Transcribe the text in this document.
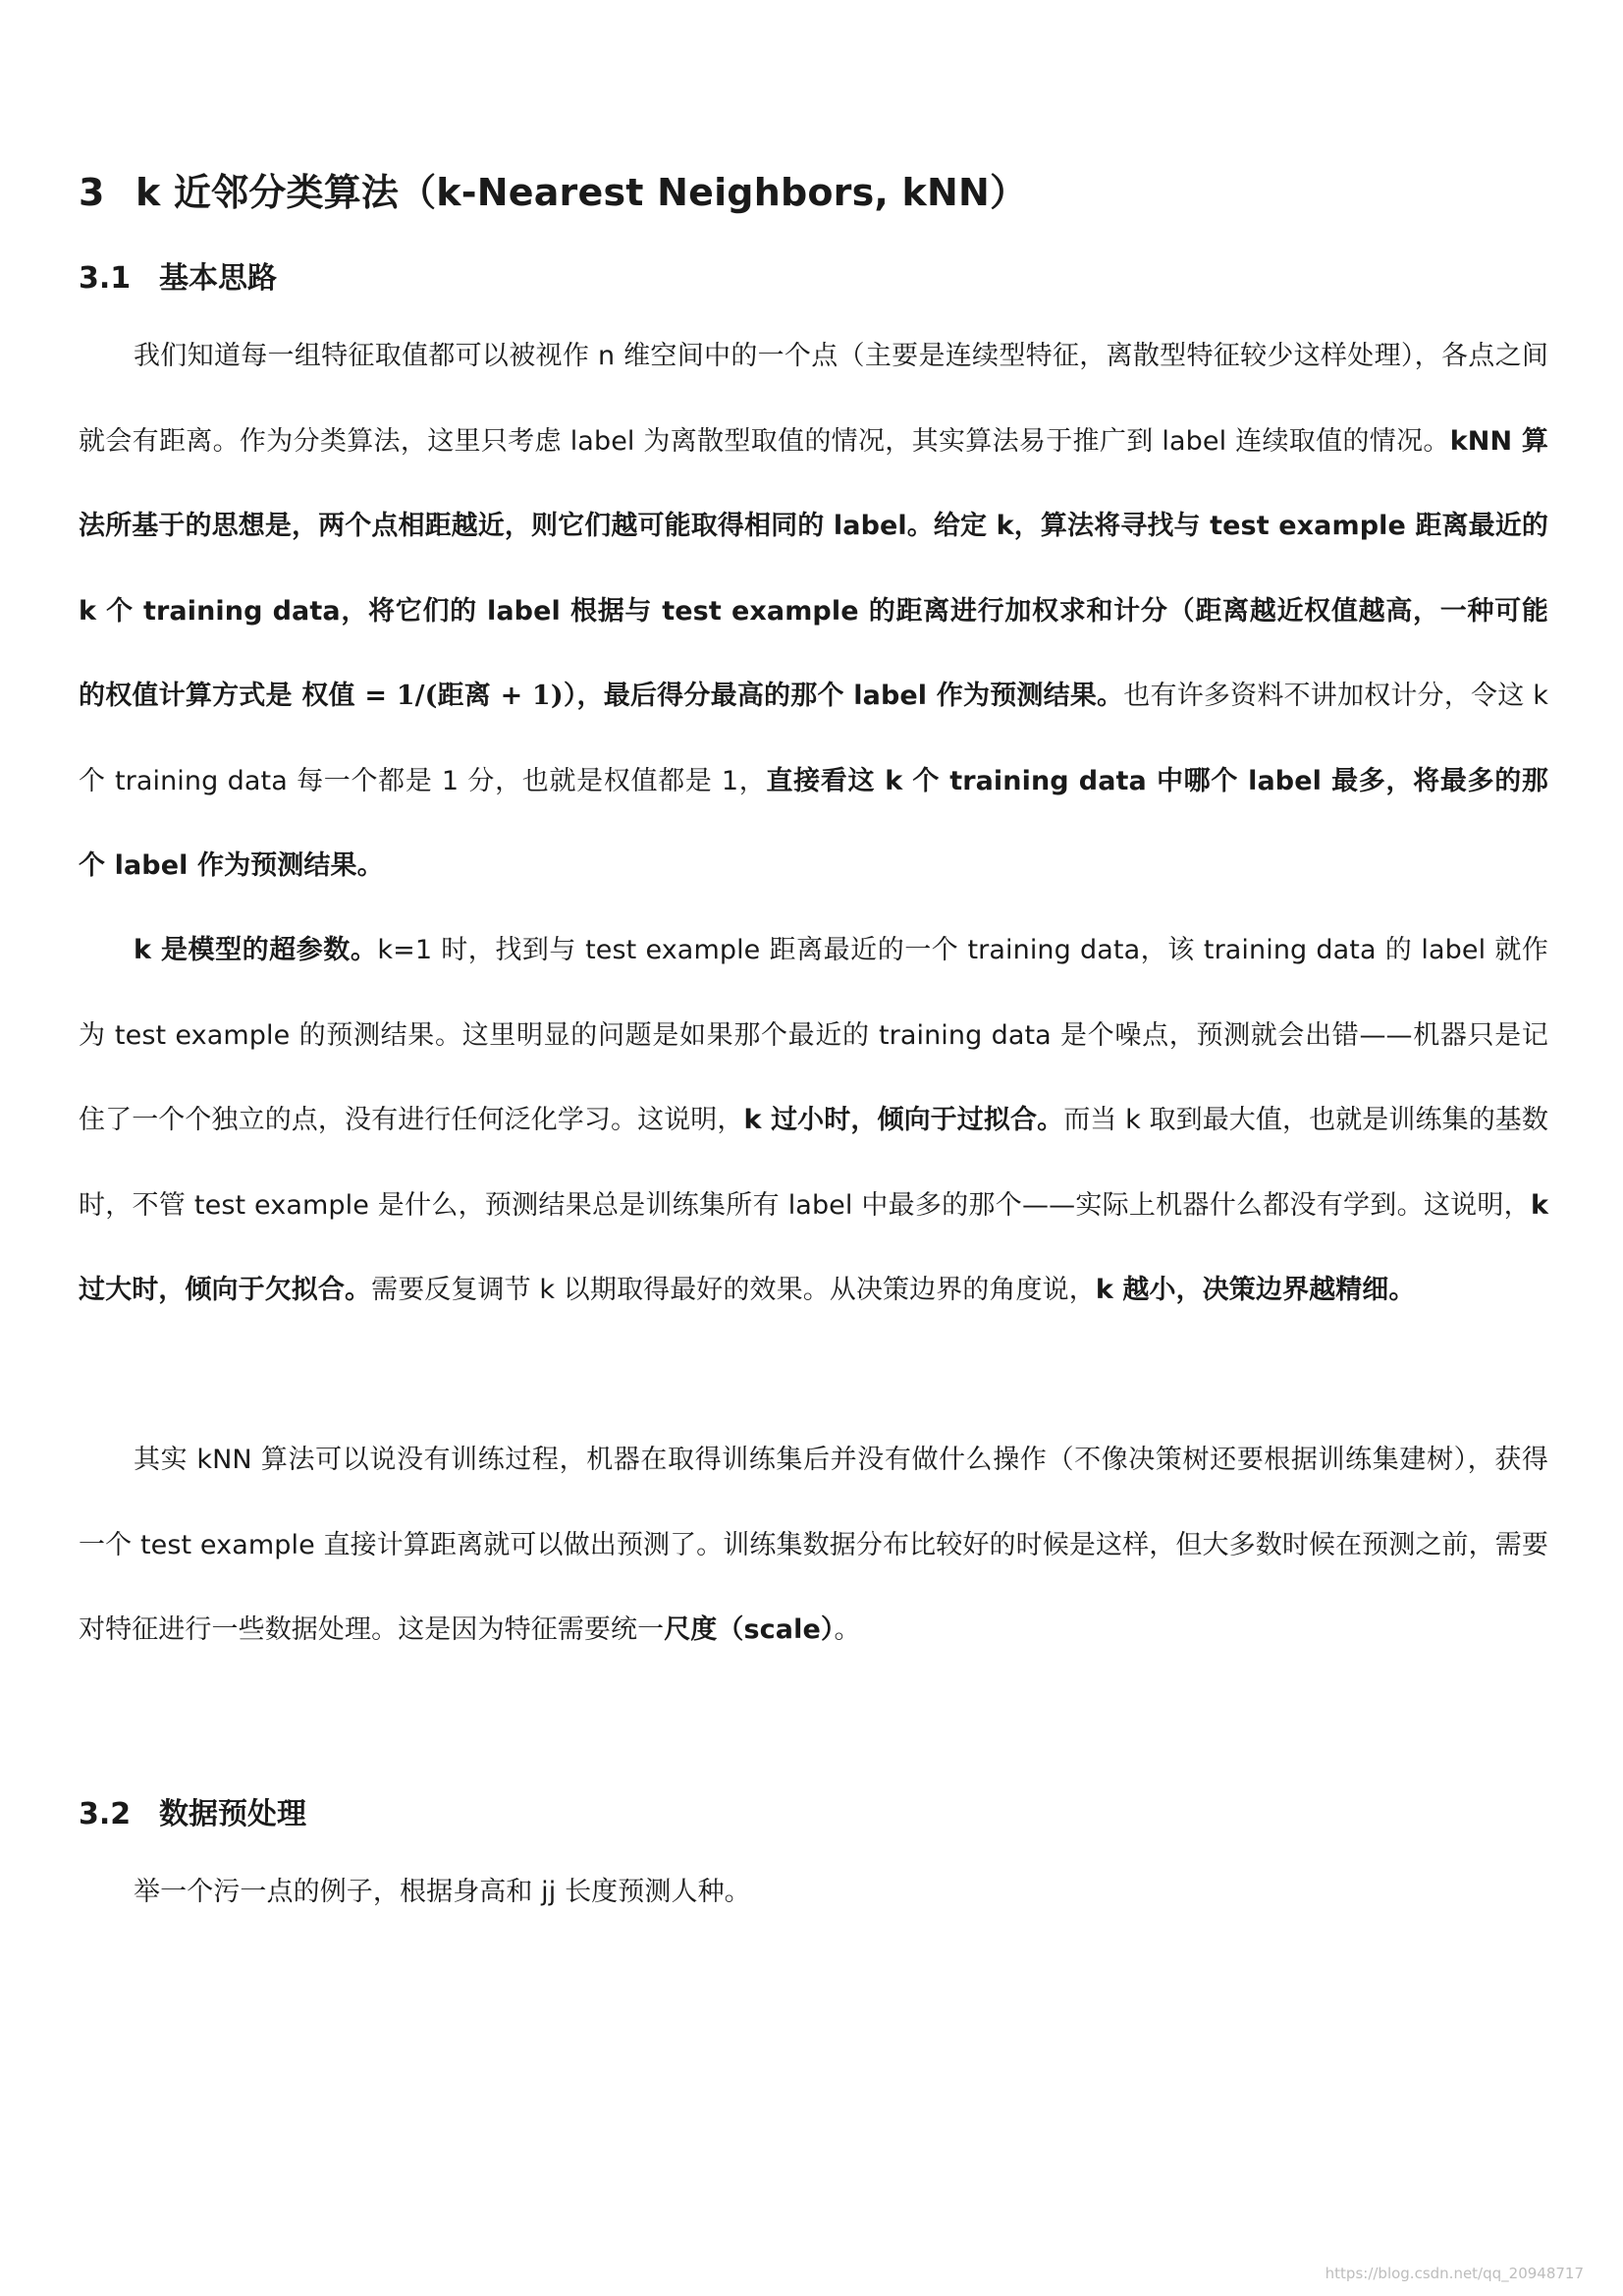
3 k 近邻分类算法（k-Nearest Neighbors, kNN）
3.1 基本思路

我们知道每一组特征取值都可以被视作 n 维空间中的一个点（主要是连续型特征，离散型特征较少这样处理），各点之间就会有距离。作为分类算法，这里只考虑 label 为离散型取值的情况，其实算法易于推广到 label 连续取值的情况。kNN 算法所基于的思想是，两个点相距越近，则它们越可能取得相同的 label。给定 k，算法将寻找与 test example 距离最近的 k 个 training data，将它们的 label 根据与 test example 的距离进行加权求和计分（距离越近权值越高，一种可能的权值计算方式是 权值 = 1/(距离 + 1)），最后得分最高的那个 label 作为预测结果。也有许多资料不讲加权计分，令这 k 个 training data 每一个都是 1 分，也就是权值都是 1，直接看这 k 个 training data 中哪个 label 最多，将最多的那个 label 作为预测结果。

k 是模型的超参数。k=1 时，找到与 test example 距离最近的一个 training data，该 training data 的 label 就作为 test example 的预测结果。这里明显的问题是如果那个最近的 training data 是个噪点，预测就会出错——机器只是记住了一个个独立的点，没有进行任何泛化学习。这说明，k 过小时，倾向于过拟合。而当 k 取到最大值，也就是训练集的基数时，不管 test example 是什么，预测结果总是训练集所有 label 中最多的那个——实际上机器什么都没有学到。这说明，k 过大时，倾向于欠拟合。需要反复调节 k 以期取得最好的效果。从决策边界的角度说，k 越小，决策边界越精细。

其实 kNN 算法可以说没有训练过程，机器在取得训练集后并没有做什么操作（不像决策树还要根据训练集建树），获得一个 test example 直接计算距离就可以做出预测了。训练集数据分布比较好的时候是这样，但大多数时候在预测之前，需要对特征进行一些数据处理。这是因为特征需要统一尺度（scale）。

3.2 数据预处理

举一个污一点的例子，根据身高和 jj 长度预测人种。

https://blog.csdn.net/qq_20948717
